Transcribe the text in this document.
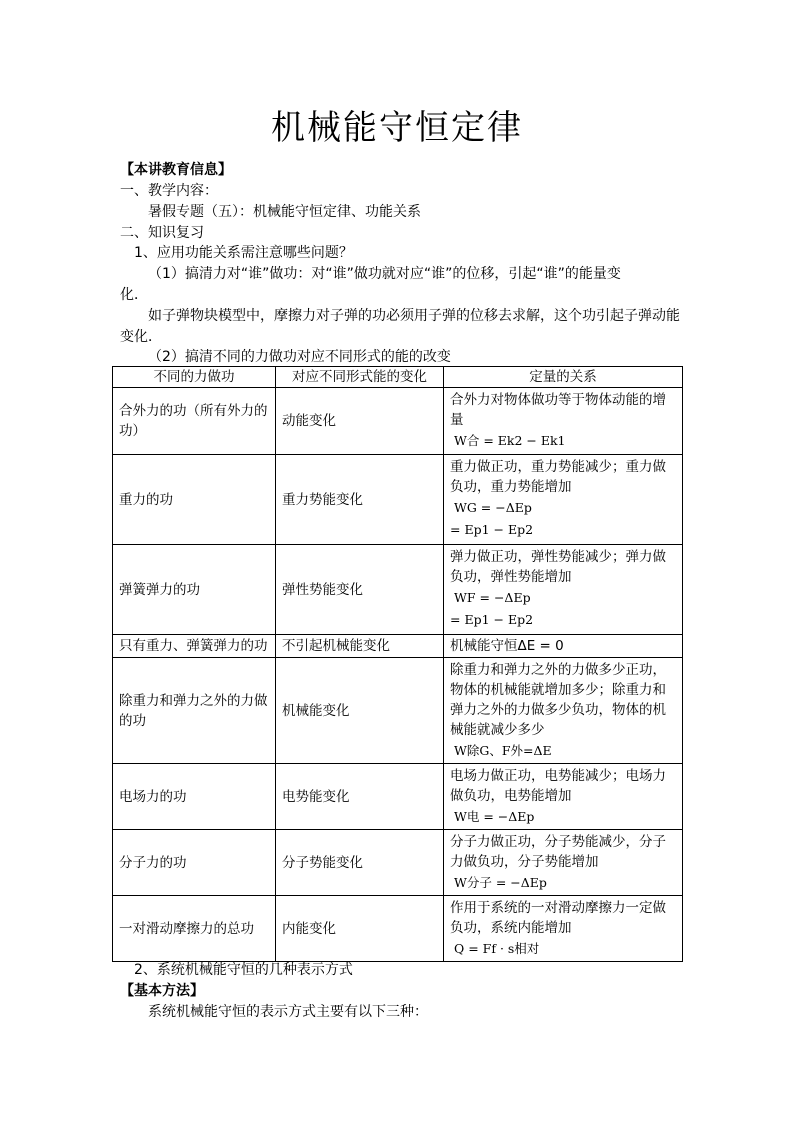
机械能守恒定律
【本讲教育信息】
一、教学内容：
暑假专题（五）：机械能守恒定律、功能关系
二、知识复习
1、应用功能关系需注意哪些问题？
（1）搞清力对“谁”做功：对“谁”做功就对应“谁”的位移，引起“谁”的能量变
化．
如子弹物块模型中，摩擦力对子弹的功必须用子弹的位移去求解，这个功引起子弹动能
变化．
（2）搞清不同的力做功对应不同形式的能的改变
不同的力做功	对应不同形式能的变化	定量的关系
合外力的功（所有外力的功）	动能变化	合外力对物体做功等于物体动能的增量
W合 = Ek2 − Ek1

重力的功	重力势能变化	重力做正功，重力势能减少；重力做负功，重力势能增加
WG = −ΔEp
= Ep1 − Ep2

弹簧弹力的功	弹性势能变化	弹力做正功，弹性势能减少；弹力做负功，弹性势能增加
WF = −ΔEp
= Ep1 − Ep2

只有重力、弹簧弹力的功	不引起机械能变化	机械能守恒ΔE = 0
除重力和弹力之外的力做的功	机械能变化	除重力和弹力之外的力做多少正功，物体的机械能就增加多少；除重力和弹力之外的力做多少负功，物体的机械能就减少多少
W除G、F外=ΔE

电场力的功	电势能变化	电场力做正功，电势能减少；电场力做负功，电势能增加
W电 = −ΔEp

分子力的功	分子势能变化	分子力做正功，分子势能减少，分子力做负功，分子势能增加
W分子 = −ΔEp

一对滑动摩擦力的总功	内能变化	作用于系统的一对滑动摩擦力一定做负功，系统内能增加
Q = Ff · s相对
2、系统机械能守恒的几种表示方式
【基本方法】
系统机械能守恒的表示方式主要有以下三种：
